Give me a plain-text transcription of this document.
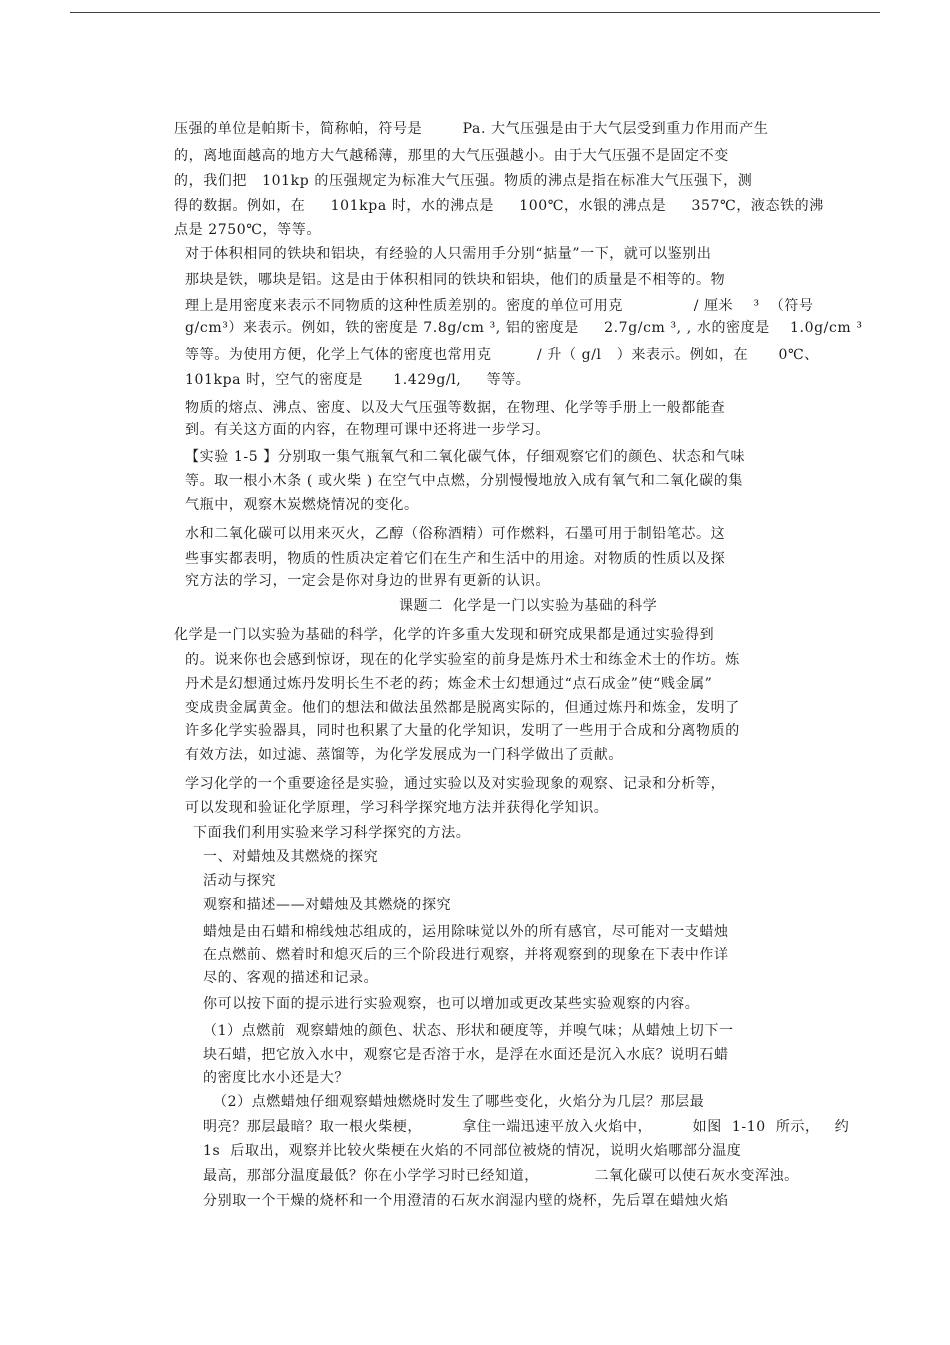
压强的单位是帕斯卡，简称帕，符号是        Pa. 大气压强是由于大气层受到重力作用而产生
的，离地面越高的地方大气越稀薄，那里的大气压强越小。由于大气压强不是固定不变
的，我们把   101kp 的压强规定为标准大气压强。物质的沸点是指在标准大气压强下，测
得的数据。例如，在     101kpa 时，水的沸点是     100℃，水银的沸点是     357℃，液态铁的沸
点是 2750℃，等等。
对于体积相同的铁块和铝块，有经验的人只需用手分别“掂量”一下，就可以鉴别出
那块是铁，哪块是铝。这是由于体积相同的铁块和铝块，他们的质量是不相等的。物
理上是用密度来表示不同物质的这种性质差别的。密度的单位可用克              / 厘米    ³  （符号
g/cm³）来表示。例如，铁的密度是 7.8g/cm ³, 铝的密度是     2.7g/cm ³, , 水的密度是    1.0g/cm ³
等等。为使用方便，化学上气体的密度也常用克         / 升（ g/l   ）来表示。例如，在      0℃、
101kpa 时，空气的密度是      1.429g/l,     等等。
物质的熔点、沸点、密度、以及大气压强等数据，在物理、化学等手册上一般都能查
到。有关这方面的内容，在物理可课中还将进一步学习。
【实验 1-5 】分别取一集气瓶氧气和二氧化碳气体，仔细观察它们的颜色、状态和气味
等。取一根小木条 ( 或火柴 ) 在空气中点燃，分别慢慢地放入成有氧气和二氧化碳的集
气瓶中，观察木炭燃烧情况的变化。
水和二氧化碳可以用来灭火，乙醇（俗称酒精）可作燃料，石墨可用于制铅笔芯。这
些事实都表明，物质的性质决定着它们在生产和生活中的用途。对物质的性质以及探
究方法的学习，一定会是你对身边的世界有更新的认识。
课题二  化学是一门以实验为基础的科学
化学是一门以实验为基础的科学，化学的许多重大发现和研究成果都是通过实验得到
的。说来你也会感到惊讶，现在的化学实验室的前身是炼丹术士和练金术士的作坊。炼
丹术是幻想通过炼丹发明长生不老的药；炼金术士幻想通过“点石成金”使“贱金属”
变成贵金属黄金。他们的想法和做法虽然都是脱离实际的，但通过炼丹和炼金，发明了
许多化学实验器具，同时也积累了大量的化学知识，发明了一些用于合成和分离物质的
有效方法，如过滤、蒸馏等，为化学发展成为一门科学做出了贡献。
学习化学的一个重要途径是实验，通过实验以及对实验现象的观察、记录和分析等，
可以发现和验证化学原理，学习科学探究地方法并获得化学知识。
下面我们利用实验来学习科学探究的方法。
一、对蜡烛及其燃烧的探究
活动与探究
观察和描述——对蜡烛及其燃烧的探究
蜡烛是由石蜡和棉线烛芯组成的，运用除味觉以外的所有感官，尽可能对一支蜡烛
在点燃前、燃着时和熄灭后的三个阶段进行观察，并将观察到的现象在下表中作详
尽的、客观的描述和记录。
你可以按下面的提示进行实验观察，也可以增加或更改某些实验观察的内容。
（1）点燃前  观察蜡烛的颜色、状态、形状和硬度等，并嗅气味；从蜡烛上切下一
块石蜡，把它放入水中，观察它是否溶于水，是浮在水面还是沉入水底？说明石蜡
的密度比水小还是大？
（2）点燃蜡烛仔细观察蜡烛燃烧时发生了哪些变化，火焰分为几层？那层最
明亮？那层最暗？取一根火柴梗，        拿住一端迅速平放入火焰中，        如图  1-10  所示，   约
1s  后取出，观察并比较火柴梗在火焰的不同部位被烧的情况，说明火焰哪部分温度
最高，那部分温度最低？你在小学学习时已经知道，           二氧化碳可以使石灰水变浑浊。
分别取一个干燥的烧杯和一个用澄清的石灰水润湿内壁的烧杯，先后罩在蜡烛火焰
